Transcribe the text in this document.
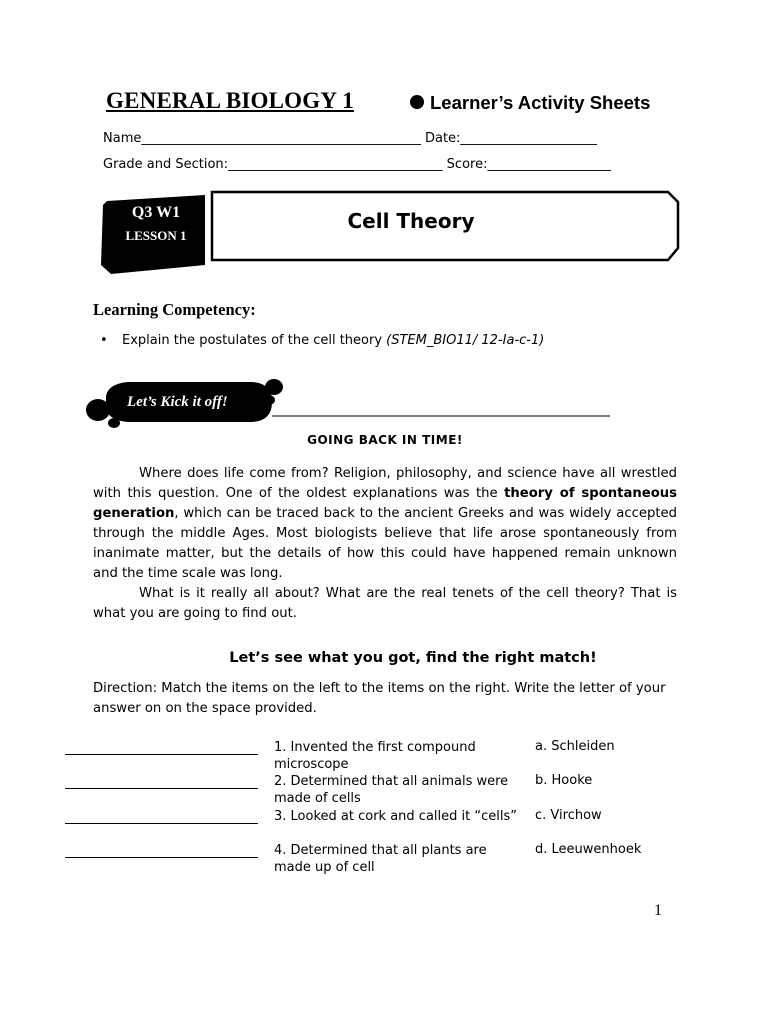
GENERAL BIOLOGY 1	Learner’s Activity Sheets
Name___________________________________________ Date:_____________________
Grade and Section:_________________________________ Score:___________________
Q3 W1
LESSON 1
Cell Theory
Learning Competency:
• Explain the postulates of the cell theory (STEM_BIO11/ 12-Ia-c-1)
Let’s Kick it off!
GOING BACK IN TIME!

Where does life come from? Religion, philosophy, and science have all wrestled with this question. One of the oldest explanations was the theory of spontaneous generation, which can be traced back to the ancient Greeks and was widely accepted through the middle Ages. Most biologists believe that life arose spontaneously from inanimate matter, but the details of how this could have happened remain unknown and the time scale was long.

What is it really all about? What are the real tenets of the cell theory? That is what you are going to find out.

Let’s see what you got, find the right match!
Direction: Match the items on the left to the items on the right. Write the letter of your answer on on the space provided.
1. Invented the first compound microscope
2. Determined that all animals were made of cells
3. Looked at cork and called it “cells”
4. Determined that all plants are made up of cell
a. Schleiden
b. Hooke
c. Virchow
d. Leeuwenhoek
1
